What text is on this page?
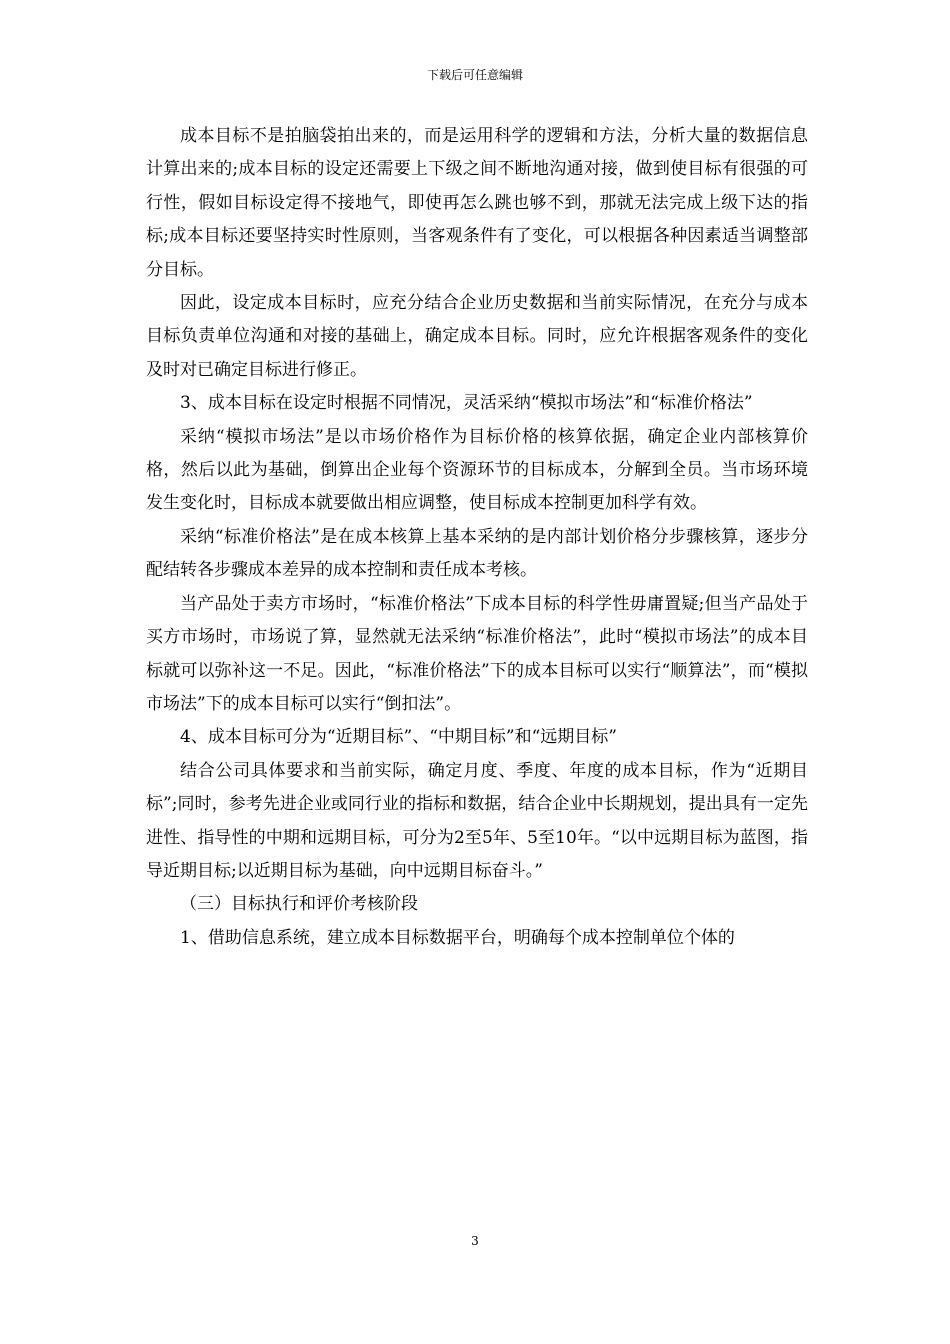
下载后可任意编辑

成本目标不是拍脑袋拍出来的，而是运用科学的逻辑和方法，分析大量的数据信息计算出来的;成本目标的设定还需要上下级之间不断地沟通对接，做到使目标有很强的可行性，假如目标设定得不接地气，即使再怎么跳也够不到，那就无法完成上级下达的指标;成本目标还要坚持实时性原则，当客观条件有了变化，可以根据各种因素适当调整部分目标。

因此，设定成本目标时，应充分结合企业历史数据和当前实际情况，在充分与成本目标负责单位沟通和对接的基础上，确定成本目标。同时，应允许根据客观条件的变化及时对已确定目标进行修正。

3、成本目标在设定时根据不同情况，灵活采纳“模拟市场法”和“标准价格法”

采纳“模拟市场法”是以市场价格作为目标价格的核算依据，确定企业内部核算价格，然后以此为基础，倒算出企业每个资源环节的目标成本，分解到全员。当市场环境发生变化时，目标成本就要做出相应调整，使目标成本控制更加科学有效。

采纳“标准价格法”是在成本核算上基本采纳的是内部计划价格分步骤核算，逐步分配结转各步骤成本差异的成本控制和责任成本考核。

当产品处于卖方市场时，“标准价格法”下成本目标的科学性毋庸置疑;但当产品处于买方市场时，市场说了算，显然就无法采纳“标准价格法”，此时“模拟市场法”的成本目标就可以弥补这一不足。因此，“标准价格法”下的成本目标可以实行“顺算法”，而“模拟市场法”下的成本目标可以实行“倒扣法”。

4、成本目标可分为“近期目标”、“中期目标”和“远期目标”

结合公司具体要求和当前实际，确定月度、季度、年度的成本目标，作为“近期目标”;同时，参考先进企业或同行业的指标和数据，结合企业中长期规划，提出具有一定先进性、指导性的中期和远期目标，可分为2至5年、5至10年。“以中远期目标为蓝图，指导近期目标;以近期目标为基础，向中远期目标奋斗。”

（三）目标执行和评价考核阶段

1、借助信息系统，建立成本目标数据平台，明确每个成本控制单位个体的

3
